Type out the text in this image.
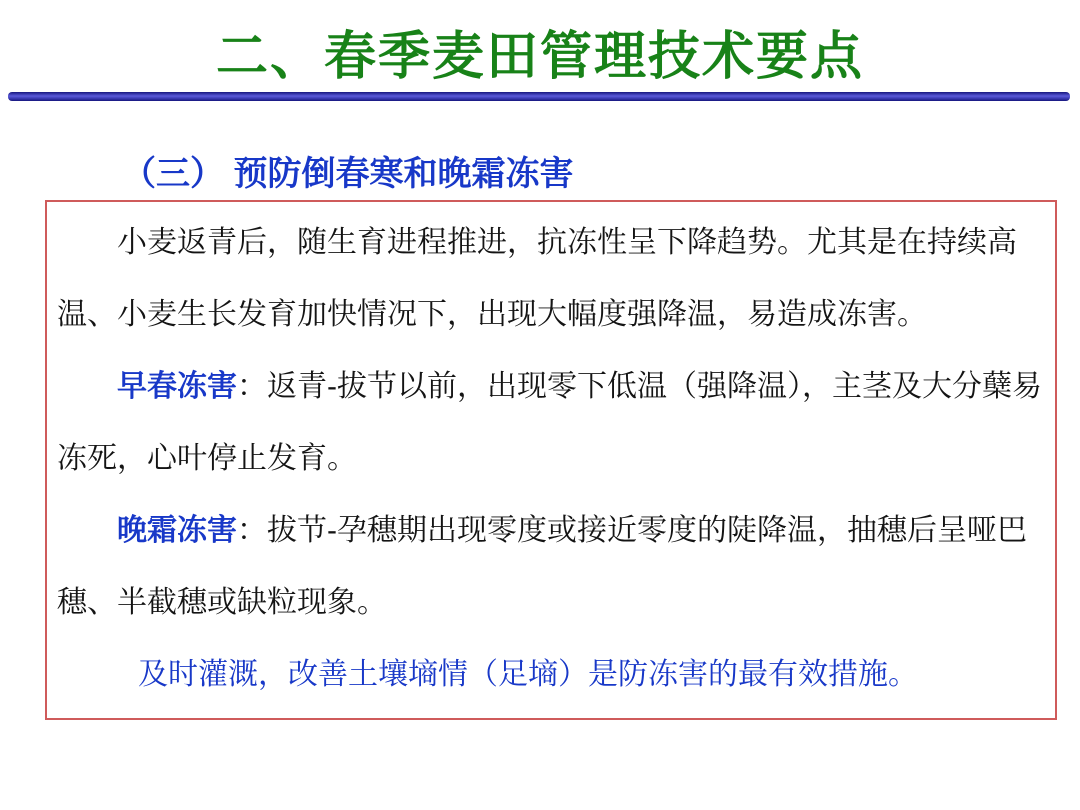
二、春季麦田管理技术要点
（三） 预防倒春寒和晚霜冻害

小麦返青后，随生育进程推进，抗冻性呈下降趋势。尤其是在持续高温、小麦生长发育加快情况下，出现大幅度强降温，易造成冻害。

早春冻害：返青-拔节以前，出现零下低温（强降温），主茎及大分蘖易冻死，心叶停止发育。

晚霜冻害：拔节-孕穗期出现零度或接近零度的陡降温，抽穗后呈哑巴穗、半截穗或缺粒现象。

及时灌溉，改善土壤墒情（足墒）是防冻害的最有效措施。
